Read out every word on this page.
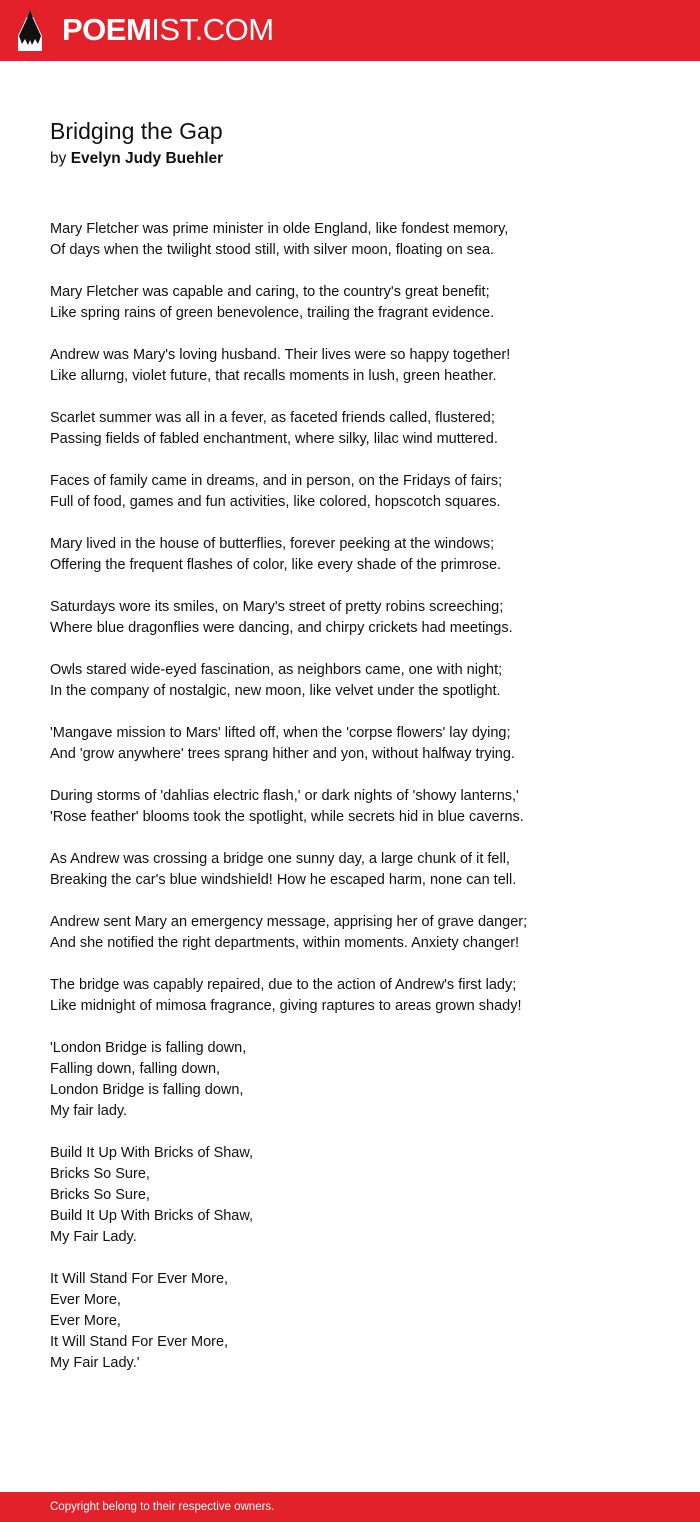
POEMIST.COM
Bridging the Gap
by Evelyn Judy Buehler

Mary Fletcher was prime minister in olde England, like fondest memory,
Of days when the twilight stood still, with silver moon, floating on sea.

Mary Fletcher was capable and caring, to the country's great benefit;
Like spring rains of green benevolence, trailing the fragrant evidence.

Andrew was Mary's loving husband. Their lives were so happy together!
Like allurng, violet future, that recalls moments in lush, green heather.

Scarlet summer was all in a fever, as faceted friends called, flustered;
Passing fields of fabled enchantment, where silky, lilac wind muttered.

Faces of family came in dreams, and in person, on the Fridays of fairs;
Full of food, games and fun activities, like colored, hopscotch squares.

Mary lived in the house of butterflies, forever peeking at the windows;
Offering the frequent flashes of color, like every shade of the primrose.

Saturdays wore its smiles, on Mary's street of pretty robins screeching;
Where blue dragonflies were dancing, and chirpy crickets had meetings.

Owls stared wide-eyed fascination, as neighbors came, one with night;
In the company of nostalgic, new moon, like velvet under the spotlight.

'Mangave mission to Mars' lifted off, when the 'corpse flowers' lay dying;
And 'grow anywhere' trees sprang hither and yon, without halfway trying.

During storms of 'dahlias electric flash,' or dark nights of 'showy lanterns,'
'Rose feather' blooms took the spotlight, while secrets hid in blue caverns.

As Andrew was crossing a bridge one sunny day, a large chunk of it fell,
Breaking the car's blue windshield! How he escaped harm, none can tell.

Andrew sent Mary an emergency message, apprising her of grave danger;
And she notified the right departments, within moments. Anxiety changer!

The bridge was capably repaired, due to the action of Andrew's first lady;
Like midnight of mimosa fragrance, giving raptures to areas grown shady!

'London Bridge is falling down,
Falling down, falling down,
London Bridge is falling down,
My fair lady.

Build It Up With Bricks of Shaw,
Bricks So Sure,
Bricks So Sure,
Build It Up With Bricks of Shaw,
My Fair Lady.

It Will Stand For Ever More,
Ever More,
Ever More,
It Will Stand For Ever More,
My Fair Lady.'

Copyright belong to their respective owners.
